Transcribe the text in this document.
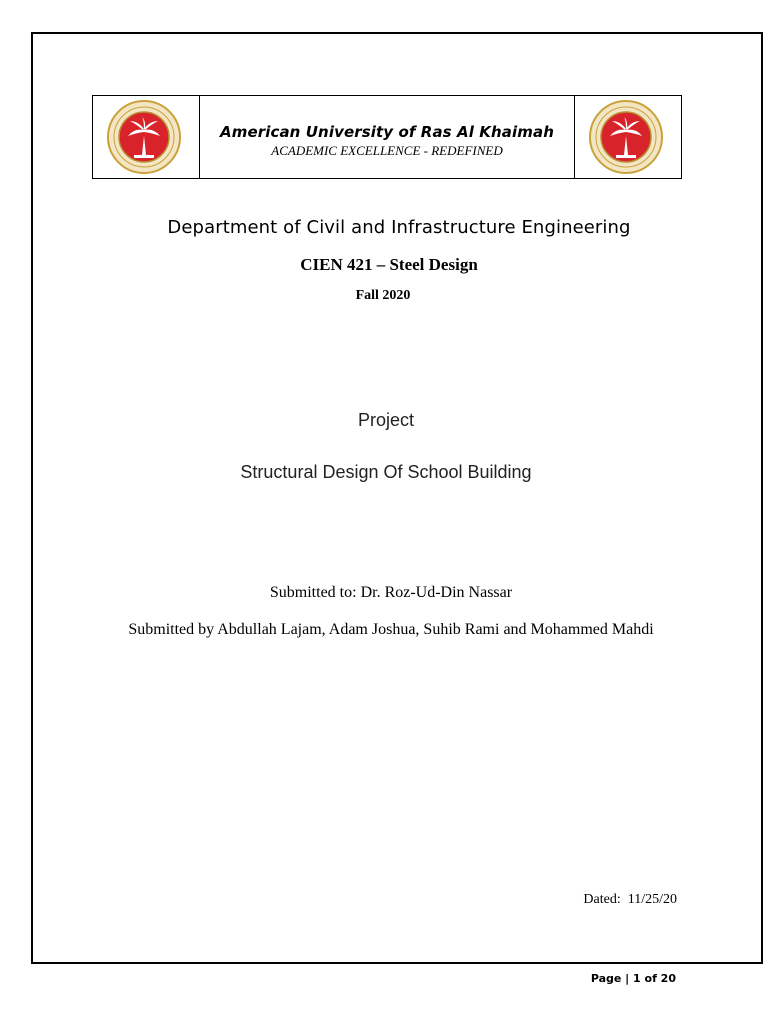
American University of Ras Al Khaimah
ACADEMIC EXCELLENCE - REDEFINED
Department of Civil and Infrastructure Engineering
CIEN 421 – Steel Design
Fall 2020
Project
Structural Design Of School Building
Submitted to: Dr. Roz-Ud-Din Nassar
Submitted by Abdullah Lajam, Adam Joshua, Suhib Rami and Mohammed Mahdi
Dated:  11/25/20
Page | 1 of 20
